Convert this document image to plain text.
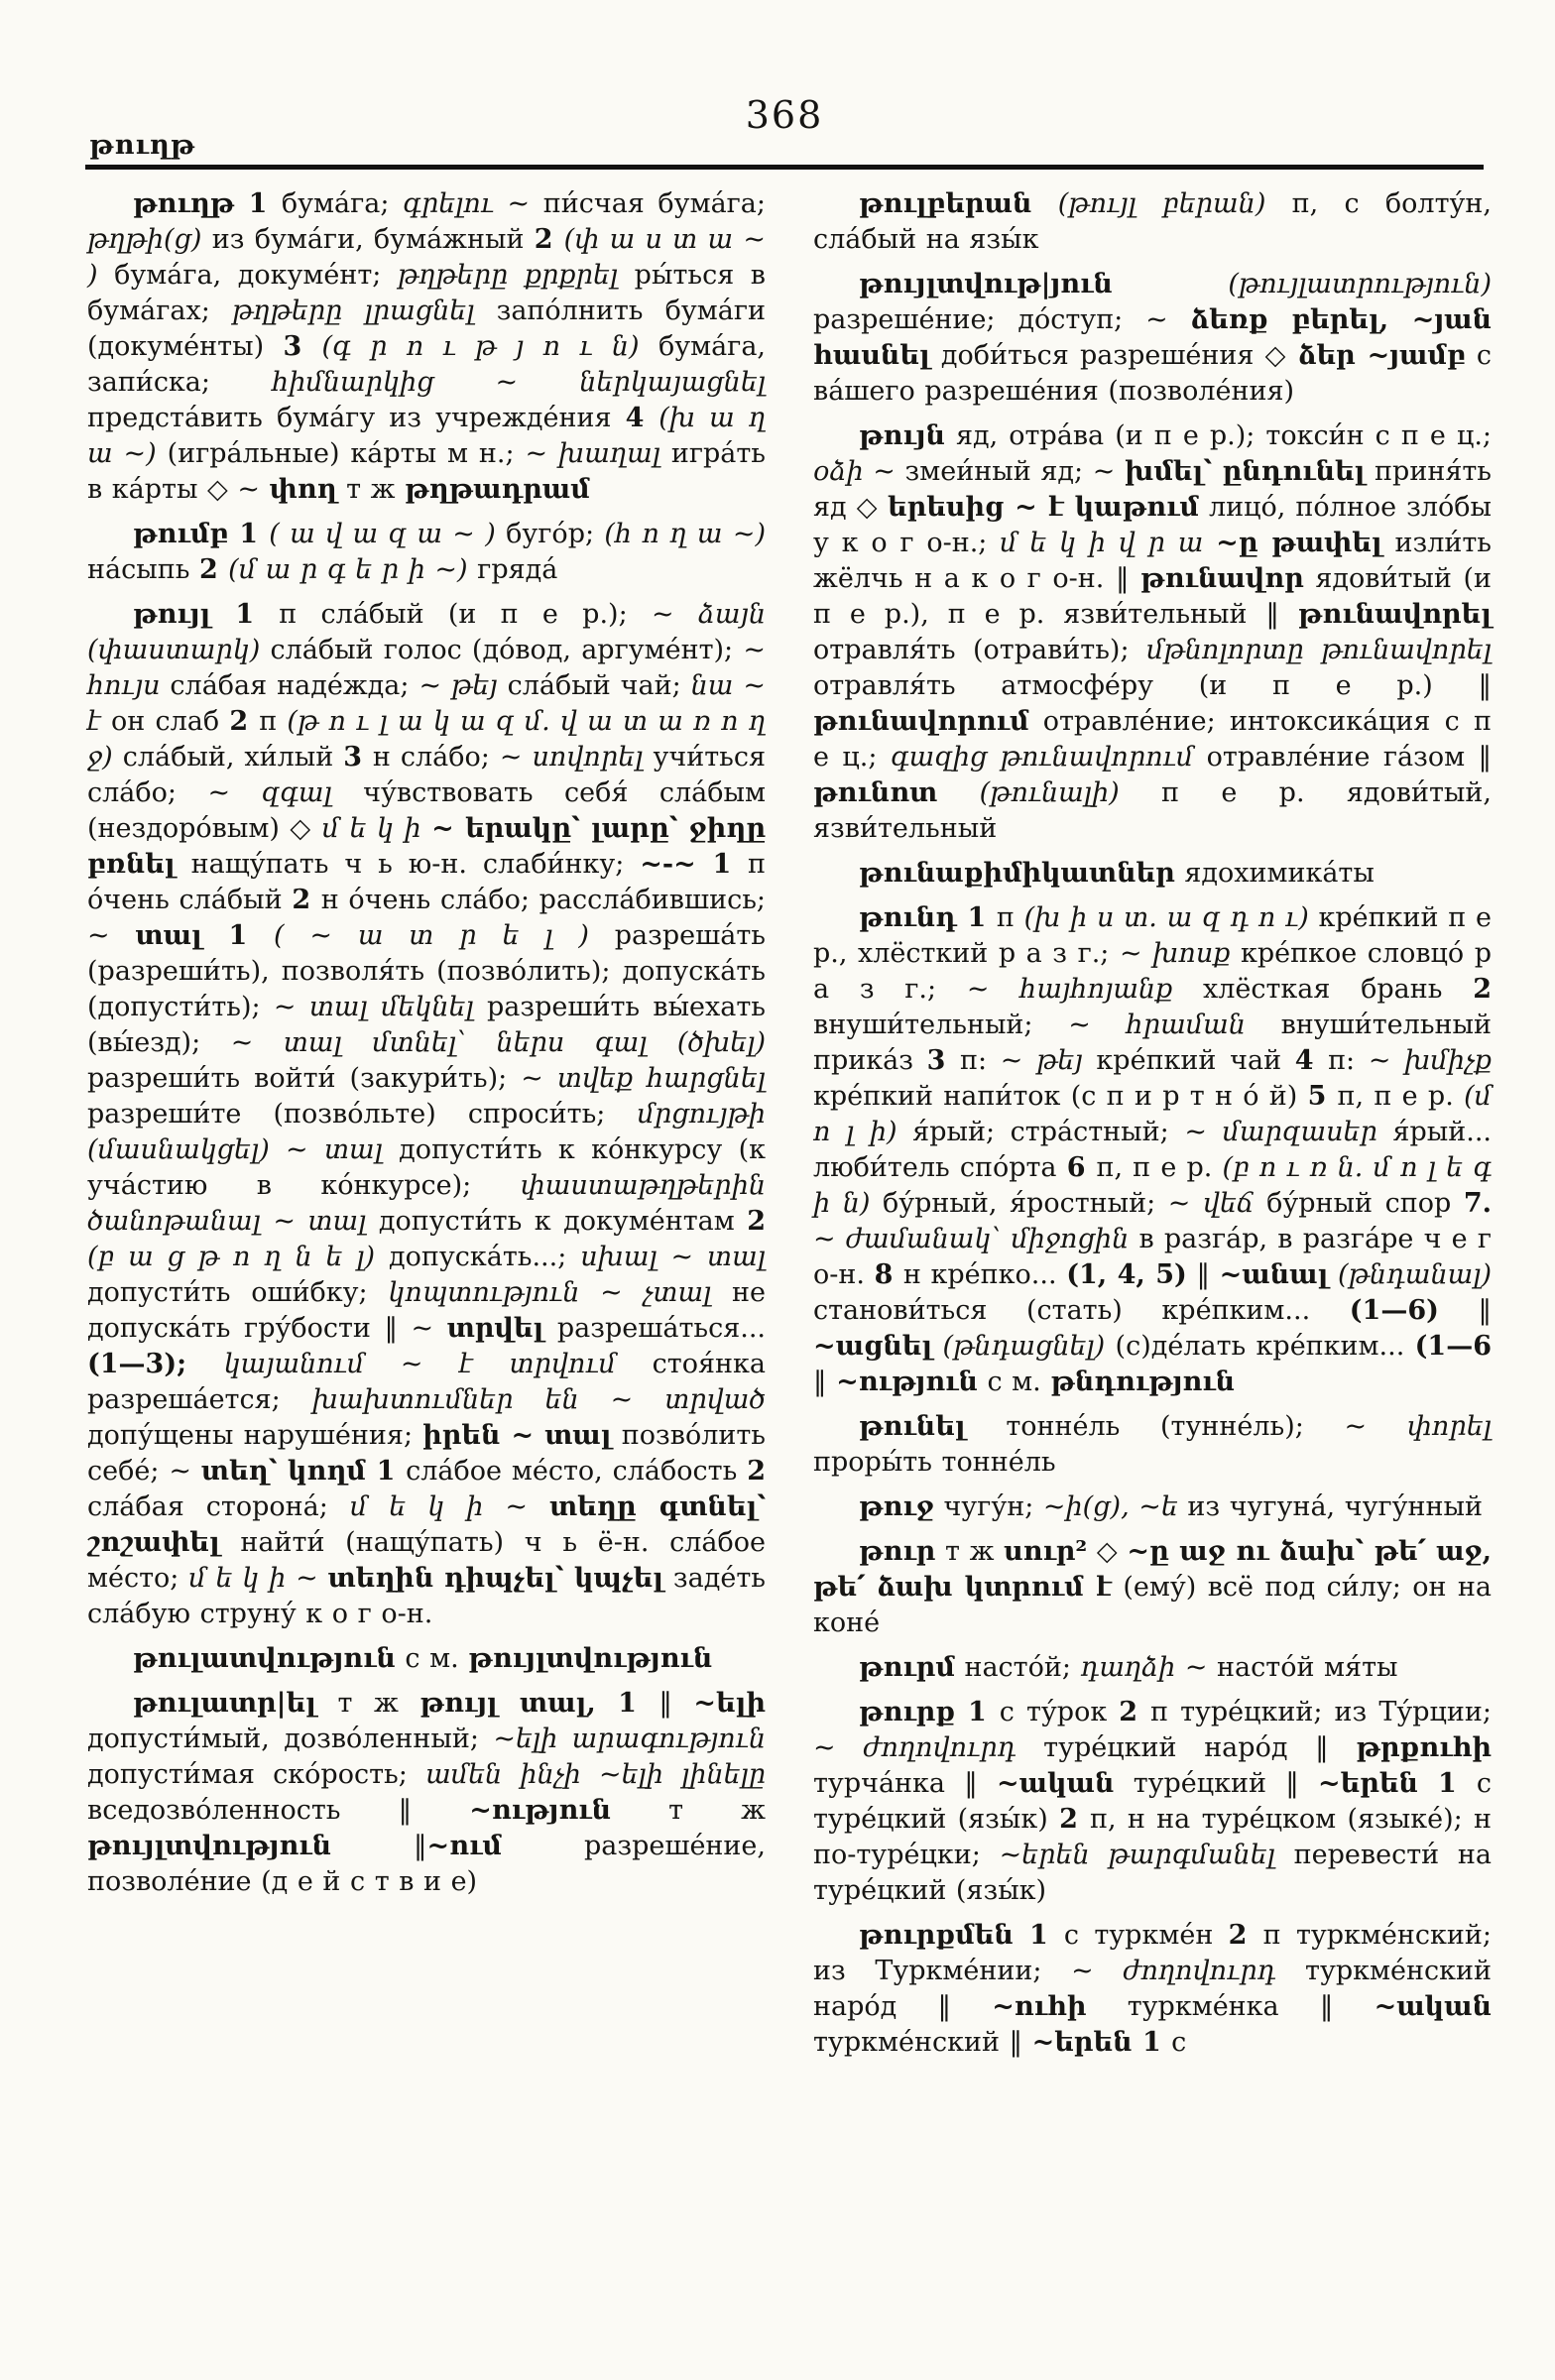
թուղթ
368

թուղթ 1 бума́га; գրելու ~ пи́счая бума́га; թղթի(ց) из бума́ги, бума́жный 2 (փ ա ս տ ա ~ ) бума́га, докуме́нт; թղթերը քրքրել ры́ться в бума́гах; թղթերը լրացնել запо́лнить бума́ги (докуме́нты) 3 (գ ր ո ւ թ յ ո ւ ն) бума́га, запи́ска; հիմնարկից ~ ներկայացնել предста́вить бума́гу из учрежде́ния 4 (խ ա ղ ա ~) (игра́льные) ка́рты м н.; ~ խաղալ игра́ть в ка́рты ◇ ~ փող т ж թղթադրամ

թումբ 1 ( ա վ ա զ ա ~ ) буго́р; (հ ո ղ ա ~) на́сыпь 2 (մ ա ր գ ե ր ի ~) гряда́

թույլ 1 п сла́бый (и п е р.); ~ ձայն (փաստարկ) сла́бый голос (до́вод, аргуме́нт); ~ հույս сла́бая наде́жда; ~ թեյ сла́бый чай; նա ~ է он слаб 2 п (թ ո ւ լ ա կ ա զ մ. վ ա տ ա ռ ո ղ ջ) сла́бый, хи́лый 3 н сла́бо; ~ սովորել учи́ться сла́бо; ~ զգալ чу́вствовать себя́ сла́бым (нездоро́вым) ◇ մ ե կ ի ~ երակը՝ լարը՝ ջիղը բռնել нащу́пать ч ь ю-н. слаби́нку; ~-~ 1 п о́чень сла́бый 2 н о́чень сла́бо; рассла́бившись; ~ տալ 1 ( ~ ա տ ր ե լ ) разреша́ть (разреши́ть), позволя́ть (позво́лить); допуска́ть (допусти́ть); ~ տալ մեկնել разреши́ть вы́ехать (вы́езд); ~ տալ մտնել՝ ներս գալ (ծխել) разреши́ть войти́ (закури́ть); ~ տվեք հարցնել разреши́те (позво́льте) спроси́ть; մրցույթի (մասնակցել) ~ տալ допусти́ть к ко́нкурсу (к уча́стию в ко́нкурсе); փաստաթղթերին ծանոթանալ ~ տալ допусти́ть к докуме́нтам 2 (բ ա ց թ ո ղ ն ե լ) допуска́ть...; սխալ ~ տալ допусти́ть оши́бку; կոպտություն ~ չտալ не допуска́ть гру́бости ‖ ~ տրվել разреша́ться... (1—3); կայանում ~ է տրվում стоя́нка разреша́ется; խախտումներ են ~ տրված допу́щены наруше́ния; իրեն ~ տալ позво́лить себе́; ~ տեղ՝ կողմ 1 сла́бое ме́сто, сла́бость 2 сла́бая сторона́; մ ե կ ի ~ տեղը գտնել՝ շոշափել найти́ (нащу́пать) ч ь ё-н. сла́бое ме́сто; մ ե կ ի ~ տեղին դիպչել՝ կպչել заде́ть сла́бую струну́ к о г о-н.

թուլատվություն с м. թույլտվություն

թուլատր|ել т ж թույլ տալ, 1 ‖ ~ելի допусти́мый, дозво́ленный; ~ելի արագություն допусти́мая ско́рость; ամեն ինչի ~ելի լինելը вседозво́ленность ‖ ~ություն т ж թույլտվություն ‖~ում разреше́ние, позволе́ние (д е й с т в и е)

թուլբերան (թույլ բերան) п, с болту́н, сла́бый на язы́к

թույլտվութ|յուն (թույլատրություն) разреше́ние; до́ступ; ~ ձեռք բերել, ~յան հասնել доби́ться разреше́ния ◇ ձեր ~յամբ с ва́шего разреше́ния (позволе́ния)

թույն яд, отра́ва (и п е р.); токси́н с п е ц.; օձի ~ змеи́ный яд; ~ խմել՝ ընդունել приня́ть яд ◇ երեսից ~ է կաթում лицо́, по́лное зло́бы у к о г о-н.; մ ե կ ի վ ր ա ~ը թափել изли́ть жёлчь н а к о г о-н. ‖ թունավոր ядови́тый (и п е р.), п е р. язви́тельный ‖ թունավորել отравля́ть (отрави́ть); մթնոլորտը թունավորել отравля́ть атмосфе́ру (и п е р.) ‖ թունավորում отравле́ние; интоксика́ция с п е ц.; գազից թունավորում отравле́ние га́зом ‖ թունոտ (թունալի) п е р. ядови́тый, язви́тельный

թունաքիմիկատներ ядохимика́ты

թունդ 1 п (խ ի ս տ. ա զ դ ո ւ) кре́пкий п е р., хлёсткий р а з г.; ~ խոսք кре́пкое словцо́ р а з г.; ~ հայհոյանք хлёсткая брань 2 внуши́тельный; ~ հրաման внуши́тельный прика́з 3 п: ~ թեյ кре́пкий чай 4 п: ~ խմիչք кре́пкий напи́ток (с п и р т н о́ й) 5 п, п е р. (մ ո լ ի) я́рый; стра́стный; ~ մարզասեր я́рый... люби́тель спо́рта 6 п, п е р. (բ ո ւ ռ ն. մ ո լ ե գ ի ն) бу́рный, я́ростный; ~ վեճ бу́рный спор 7. ~ ժամանակ՝ միջոցին в разга́р, в разга́ре ч е г о-н. 8 н кре́пко... (1, 4, 5) ‖ ~անալ (թնդանալ) станови́ться (стать) кре́пким... (1—6) ‖ ~ացնել (թնդացնել) (с)де́лать кре́пким... (1—6 ‖ ~ություն с м. թնդություն

թունել тонне́ль (тунне́ль); ~ փորել проры́ть тонне́ль

թուջ чугу́н; ~ի(ց), ~ե из чугуна́, чугу́нный

թուր т ж սուր² ◇ ~ը աջ ու ձախ՝ թե՛ աջ, թե՛ ձախ կտրում է (ему́) всё под си́лу; он на коне́

թուրմ насто́й; դաղձի ~ насто́й мя́ты

թուրք 1 с ту́рок 2 п туре́цкий; из Ту́рции; ~ ժողովուրդ туре́цкий наро́д ‖ թրքուհի турча́нка ‖ ~ական туре́цкий ‖ ~երեն 1 с туре́цкий (язы́к) 2 п, н на туре́цком (языке́); н по-туре́цки; ~երեն թարգմանել перевести́ на туре́цкий (язы́к)

թուրքմեն 1 с туркме́н 2 п туркме́нский; из Туркме́нии; ~ ժողովուրդ туркме́нский наро́д ‖ ~ուհի туркме́нка ‖ ~ական туркме́нский ‖ ~երեն 1 с
